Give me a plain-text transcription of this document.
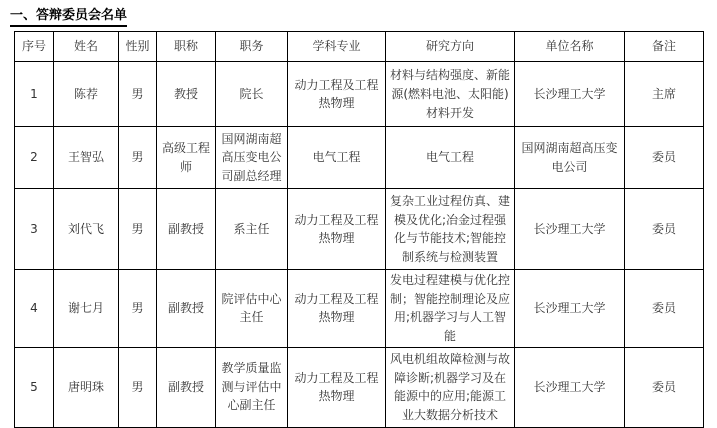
一、答辩委员会名单
序号	姓名	性别	职称	职务	学科专业	研究方向	单位名称	备注
1	陈荐	男	教授	院长	动力工程及工程热物理	材料与结构强度、新能源(燃料电池、太阳能)材料开发	长沙理工大学	主席
2	王智弘	男	高级工程师	国网湖南超高压变电公司副总经理	电气工程	电气工程	国网湖南超高压变电公司	委员
3	刘代飞	男	副教授	系主任	动力工程及工程热物理	复杂工业过程仿真、建模及优化;冶金过程强化与节能技术;智能控制系统与检测装置	长沙理工大学	委员
4	谢七月	男	副教授	院评估中心主任	动力工程及工程热物理	发电过程建模与优化控制；智能控制理论及应用;机器学习与人工智能	长沙理工大学	委员
5	唐明珠	男	副教授	教学质量监测与评估中心副主任	动力工程及工程热物理	风电机组故障检测与故障诊断;机器学习及在能源中的应用;能源工业大数据分析技术	长沙理工大学	委员
